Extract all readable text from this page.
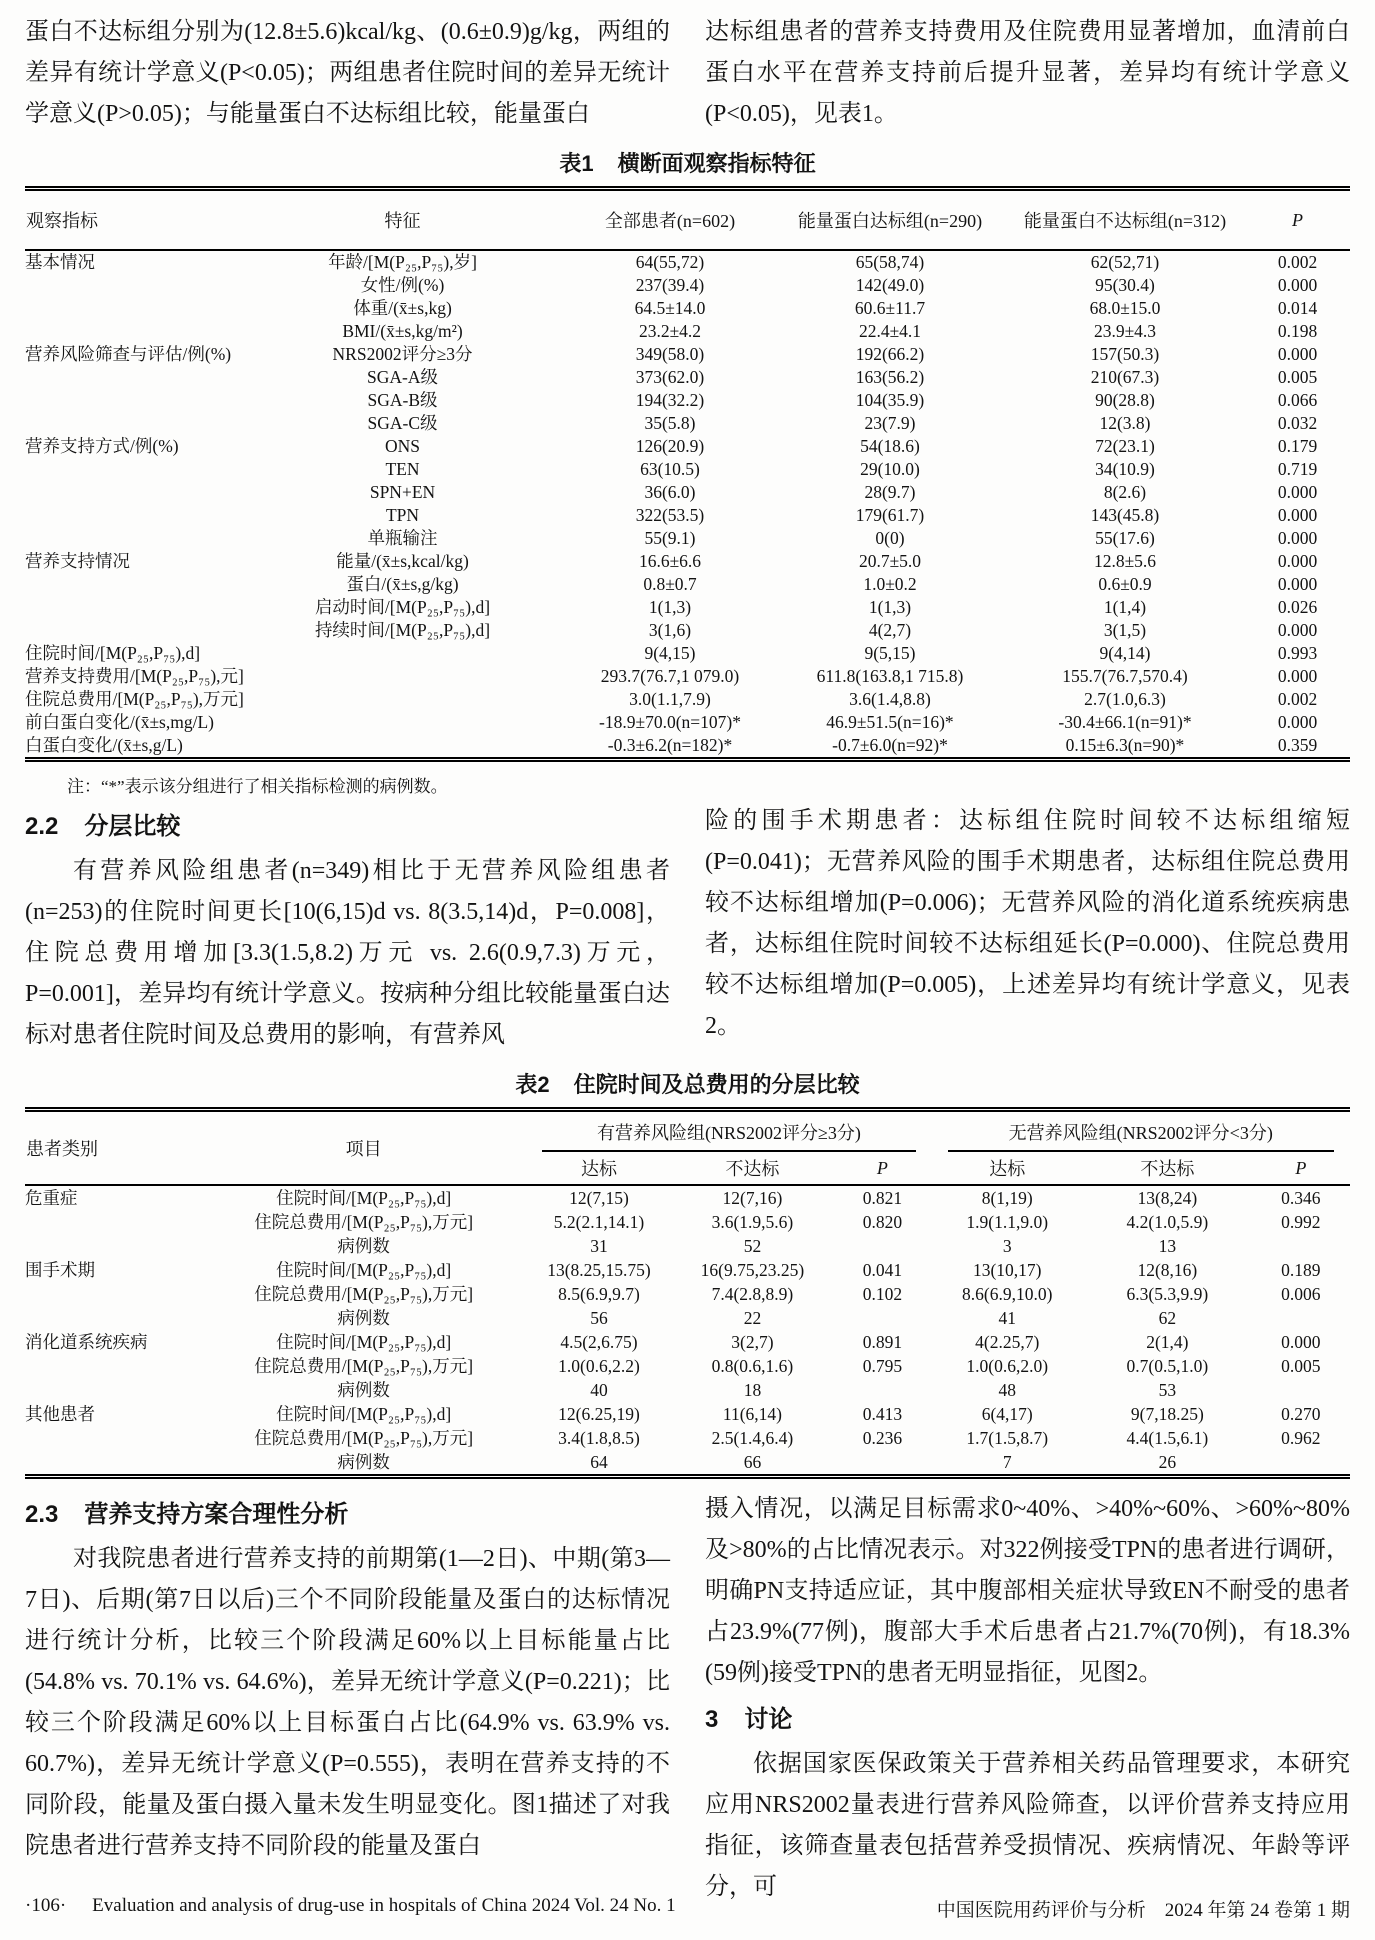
蛋白不达标组分别为(12.8±5.6)kcal/kg、(0.6±0.9)g/kg，两组的差异有统计学意义(P<0.05)；两组患者住院时间的差异无统计学意义(P>0.05)；与能量蛋白不达标组比较，能量蛋白

达标组患者的营养支持费用及住院费用显著增加，血清前白蛋白水平在营养支持前后提升显著，差异均有统计学意义(P<0.05)，见表1。

表1 横断面观察指标特征
观察指标	特征	全部患者(n=602)	能量蛋白达标组(n=290)	能量蛋白不达标组(n=312)	P
基本情况	年龄/[M(P₂₅,P₇₅),岁]	64(55,72)	65(58,74)	62(52,71)	0.002
	女性/例(%)	237(39.4)	142(49.0)	95(30.4)	0.000
	体重/(x̄±s,kg)	64.5±14.0	60.6±11.7	68.0±15.0	0.014
	BMI/(x̄±s,kg/m²)	23.2±4.2	22.4±4.1	23.9±4.3	0.198
营养风险筛查与评估/例(%)	NRS2002评分≥3分	349(58.0)	192(66.2)	157(50.3)	0.000
	SGA-A级	373(62.0)	163(56.2)	210(67.3)	0.005
	SGA-B级	194(32.2)	104(35.9)	90(28.8)	0.066
	SGA-C级	35(5.8)	23(7.9)	12(3.8)	0.032
营养支持方式/例(%)	ONS	126(20.9)	54(18.6)	72(23.1)	0.179
	TEN	63(10.5)	29(10.0)	34(10.9)	0.719
	SPN+EN	36(6.0)	28(9.7)	8(2.6)	0.000
	TPN	322(53.5)	179(61.7)	143(45.8)	0.000
	单瓶输注	55(9.1)	0(0)	55(17.6)	0.000
营养支持情况	能量/(x̄±s,kcal/kg)	16.6±6.6	20.7±5.0	12.8±5.6	0.000
	蛋白/(x̄±s,g/kg)	0.8±0.7	1.0±0.2	0.6±0.9	0.000
	启动时间/[M(P₂₅,P₇₅),d]	1(1,3)	1(1,3)	1(1,4)	0.026
	持续时间/[M(P₂₅,P₇₅),d]	3(1,6)	4(2,7)	3(1,5)	0.000
住院时间/[M(P₂₅,P₇₅),d]		9(4,15)	9(5,15)	9(4,14)	0.993
营养支持费用/[M(P₂₅,P₇₅),元]		293.7(76.7,1 079.0)	611.8(163.8,1 715.8)	155.7(76.7,570.4)	0.000
住院总费用/[M(P₂₅,P₇₅),万元]		3.0(1.1,7.9)	3.6(1.4,8.8)	2.7(1.0,6.3)	0.002
前白蛋白变化/(x̄±s,mg/L)		-18.9±70.0(n=107)*	46.9±51.5(n=16)*	-30.4±66.1(n=91)*	0.000
白蛋白变化/(x̄±s,g/L)		-0.3±6.2(n=182)*	-0.7±6.0(n=92)*	0.15±6.3(n=90)*	0.359
注：“*”表示该分组进行了相关指标检测的病例数。
2.2 分层比较

有营养风险组患者(n=349)相比于无营养风险组患者(n=253)的住院时间更长[10(6,15)d vs. 8(3.5,14)d，P=0.008]，住院总费用增加[3.3(1.5,8.2)万元 vs. 2.6(0.9,7.3)万元，P=0.001]，差异均有统计学意义。按病种分组比较能量蛋白达标对患者住院时间及总费用的影响，有营养风

险的围手术期患者：达标组住院时间较不达标组缩短(P=0.041)；无营养风险的围手术期患者，达标组住院总费用较不达标组增加(P=0.006)；无营养风险的消化道系统疾病患者，达标组住院时间较不达标组延长(P=0.000)、住院总费用较不达标组增加(P=0.005)，上述差异均有统计学意义，见表2。

表2 住院时间及总费用的分层比较
患者类别	项目	有营养风险组(NRS2002评分≥3分)			无营养风险组(NRS2002评分<3分)		
		达标	不达标	P	达标	不达标	P
危重症	住院时间/[M(P₂₅,P₇₅),d]	12(7,15)	12(7,16)	0.821	8(1,19)	13(8,24)	0.346
	住院总费用/[M(P₂₅,P₇₅),万元]	5.2(2.1,14.1)	3.6(1.9,5.6)	0.820	1.9(1.1,9.0)	4.2(1.0,5.9)	0.992
	病例数	31	52		3	13	
围手术期	住院时间/[M(P₂₅,P₇₅),d]	13(8.25,15.75)	16(9.75,23.25)	0.041	13(10,17)	12(8,16)	0.189
	住院总费用/[M(P₂₅,P₇₅),万元]	8.5(6.9,9.7)	7.4(2.8,8.9)	0.102	8.6(6.9,10.0)	6.3(5.3,9.9)	0.006
	病例数	56	22		41	62	
消化道系统疾病	住院时间/[M(P₂₅,P₇₅),d]	4.5(2,6.75)	3(2,7)	0.891	4(2.25,7)	2(1,4)	0.000
	住院总费用/[M(P₂₅,P₇₅),万元]	1.0(0.6,2.2)	0.8(0.6,1.6)	0.795	1.0(0.6,2.0)	0.7(0.5,1.0)	0.005
	病例数	40	18		48	53	
其他患者	住院时间/[M(P₂₅,P₇₅),d]	12(6.25,19)	11(6,14)	0.413	6(4,17)	9(7,18.25)	0.270
	住院总费用/[M(P₂₅,P₇₅),万元]	3.4(1.8,8.5)	2.5(1.4,6.4)	0.236	1.7(1.5,8.7)	4.4(1.5,6.1)	0.962
	病例数	64	66		7	26	
2.3 营养支持方案合理性分析

对我院患者进行营养支持的前期第(1—2日)、中期(第3—7日)、后期(第7日以后)三个不同阶段能量及蛋白的达标情况进行统计分析，比较三个阶段满足60%以上目标能量占比(54.8% vs. 70.1% vs. 64.6%)，差异无统计学意义(P=0.221)；比较三个阶段满足60%以上目标蛋白占比(64.9% vs. 63.9% vs. 60.7%)，差异无统计学意义(P=0.555)，表明在营养支持的不同阶段，能量及蛋白摄入量未发生明显变化。图1描述了对我院患者进行营养支持不同阶段的能量及蛋白

摄入情况，以满足目标需求0~40%、>40%~60%、>60%~80%及>80%的占比情况表示。对322例接受TPN的患者进行调研，明确PN支持适应证，其中腹部相关症状导致EN不耐受的患者占23.9%(77例)，腹部大手术后患者占21.7%(70例)，有18.3%(59例)接受TPN的患者无明显指征，见图2。

3 讨论

依据国家医保政策关于营养相关药品管理要求，本研究应用NRS2002量表进行营养风险筛查，以评价营养支持应用指征，该筛查量表包括营养受损情况、疾病情况、年龄等评分，可

·106· Evaluation and analysis of drug-use in hospitals of China 2024 Vol. 24 No. 1	中国医院用药评价与分析　2024 年第 24 卷第 1 期
